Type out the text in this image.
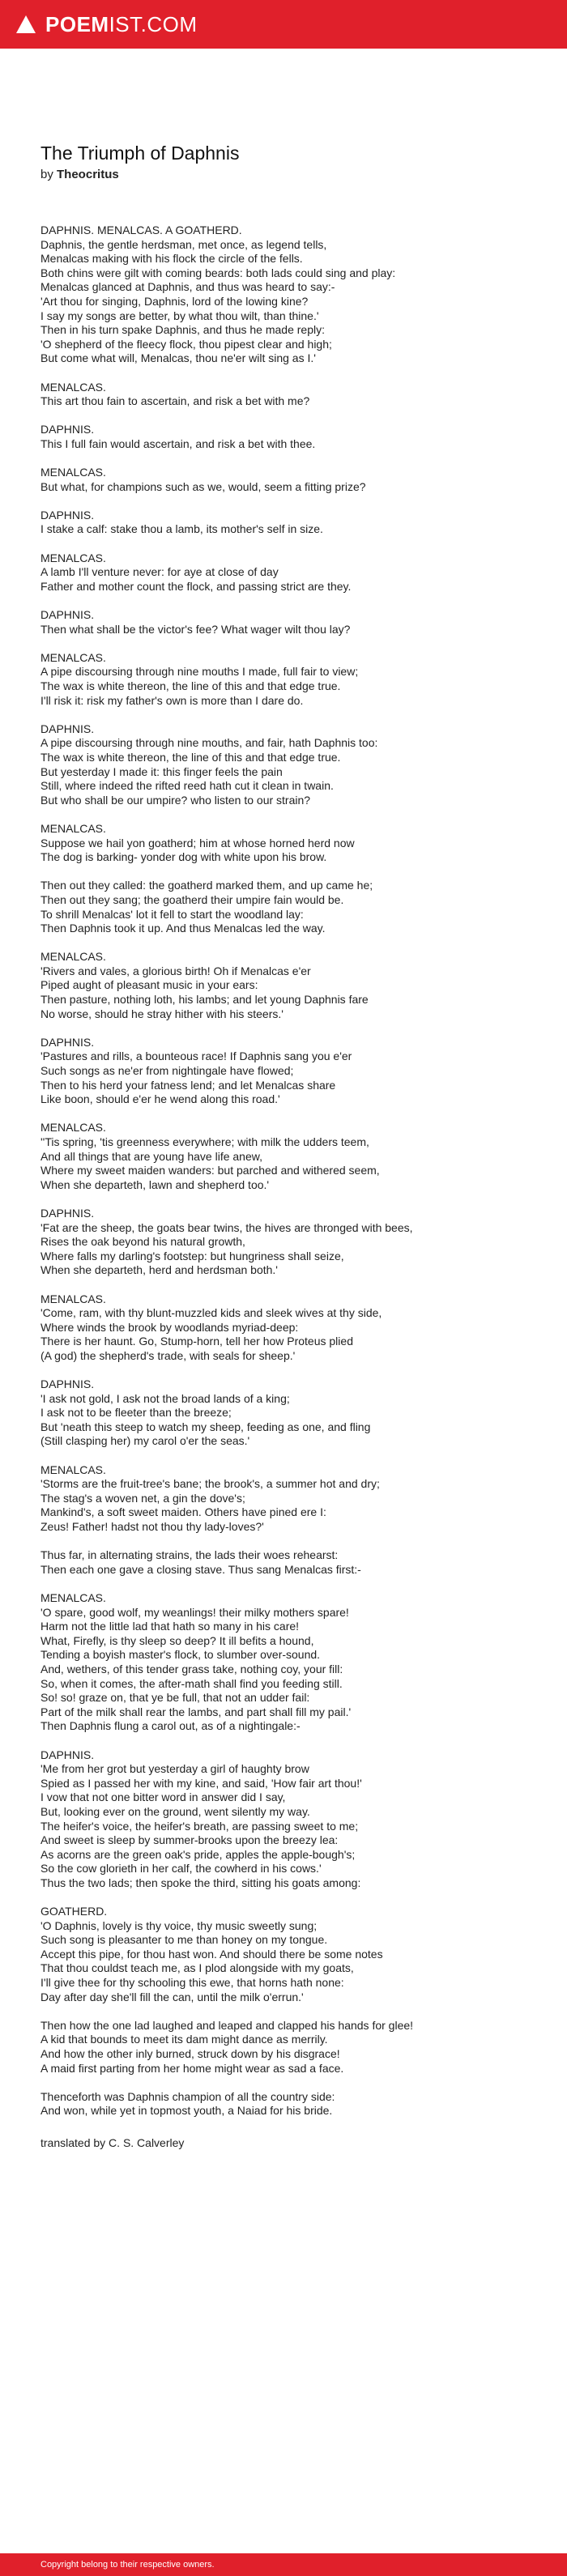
POEMIST.COM
The Triumph of Daphnis
by Theocritus
DAPHNIS. MENALCAS. A GOATHERD.
Daphnis, the gentle herdsman, met once, as legend tells,
Menalcas making with his flock the circle of the fells.
Both chins were gilt with coming beards: both lads could sing and play:
Menalcas glanced at Daphnis, and thus was heard to say:-
'Art thou for singing, Daphnis, lord of the lowing kine?
I say my songs are better, by what thou wilt, than thine.'
Then in his turn spake Daphnis, and thus he made reply:
'O shepherd of the fleecy flock, thou pipest clear and high;
But come what will, Menalcas, thou ne'er wilt sing as I.'
MENALCAS.
This art thou fain to ascertain, and risk a bet with me?
DAPHNIS.
This I full fain would ascertain, and risk a bet with thee.
MENALCAS.
But what, for champions such as we, would, seem a fitting prize?
DAPHNIS.
I stake a calf: stake thou a lamb, its mother's self in size.
MENALCAS.
A lamb I'll venture never: for aye at close of day
Father and mother count the flock, and passing strict are they.
DAPHNIS.
Then what shall be the victor's fee? What wager wilt thou lay?
MENALCAS.
A pipe discoursing through nine mouths I made, full fair to view;
The wax is white thereon, the line of this and that edge true.
I'll risk it: risk my father's own is more than I dare do.
DAPHNIS.
A pipe discoursing through nine mouths, and fair, hath Daphnis too:
The wax is white thereon, the line of this and that edge true.
But yesterday I made it: this finger feels the pain
Still, where indeed the rifted reed hath cut it clean in twain.
But who shall be our umpire? who listen to our strain?
MENALCAS.
Suppose we hail yon goatherd; him at whose horned herd now
The dog is barking- yonder dog with white upon his brow.
Then out they called: the goatherd marked them, and up came he;
Then out they sang; the goatherd their umpire fain would be.
To shrill Menalcas' lot it fell to start the woodland lay:
Then Daphnis took it up. And thus Menalcas led the way.
MENALCAS.
'Rivers and vales, a glorious birth! Oh if Menalcas e'er
Piped aught of pleasant music in your ears:
Then pasture, nothing loth, his lambs; and let young Daphnis fare
No worse, should he stray hither with his steers.'
DAPHNIS.
'Pastures and rills, a bounteous race! If Daphnis sang you e'er
Such songs as ne'er from nightingale have flowed;
Then to his herd your fatness lend; and let Menalcas share
Like boon, should e'er he wend along this road.'
MENALCAS.
''Tis spring, 'tis greenness everywhere; with milk the udders teem,
And all things that are young have life anew,
Where my sweet maiden wanders: but parched and withered seem,
When she departeth, lawn and shepherd too.'
DAPHNIS.
'Fat are the sheep, the goats bear twins, the hives are thronged with bees,
Rises the oak beyond his natural growth,
Where falls my darling's footstep: but hungriness shall seize,
When she departeth, herd and herdsman both.'
MENALCAS.
'Come, ram, with thy blunt-muzzled kids and sleek wives at thy side,
Where winds the brook by woodlands myriad-deep:
There is her haunt. Go, Stump-horn, tell her how Proteus plied
(A god) the shepherd's trade, with seals for sheep.'
DAPHNIS.
'I ask not gold, I ask not the broad lands of a king;
I ask not to be fleeter than the breeze;
But 'neath this steep to watch my sheep, feeding as one, and fling
(Still clasping her) my carol o'er the seas.'
MENALCAS.
'Storms are the fruit-tree's bane; the brook's, a summer hot and dry;
The stag's a woven net, a gin the dove's;
Mankind's, a soft sweet maiden. Others have pined ere I:
Zeus! Father! hadst not thou thy lady-loves?'
Thus far, in alternating strains, the lads their woes rehearst:
Then each one gave a closing stave. Thus sang Menalcas first:-
MENALCAS.
'O spare, good wolf, my weanlings! their milky mothers spare!
Harm not the little lad that hath so many in his care!
What, Firefly, is thy sleep so deep? It ill befits a hound,
Tending a boyish master's flock, to slumber over-sound.
And, wethers, of this tender grass take, nothing coy, your fill:
So, when it comes, the after-math shall find you feeding still.
So! so! graze on, that ye be full, that not an udder fail:
Part of the milk shall rear the lambs, and part shall fill my pail.'
Then Daphnis flung a carol out, as of a nightingale:-
DAPHNIS.
'Me from her grot but yesterday a girl of haughty brow
Spied as I passed her with my kine, and said, 'How fair art thou!'
I vow that not one bitter word in answer did I say,
But, looking ever on the ground, went silently my way.
The heifer's voice, the heifer's breath, are passing sweet to me;
And sweet is sleep by summer-brooks upon the breezy lea:
As acorns are the green oak's pride, apples the apple-bough's;
So the cow glorieth in her calf, the cowherd in his cows.'
Thus the two lads; then spoke the third, sitting his goats among:
GOATHERD.
'O Daphnis, lovely is thy voice, thy music sweetly sung;
Such song is pleasanter to me than honey on my tongue.
Accept this pipe, for thou hast won. And should there be some notes
That thou couldst teach me, as I plod alongside with my goats,
I'll give thee for thy schooling this ewe, that horns hath none:
Day after day she'll fill the can, until the milk o'errun.'
Then how the one lad laughed and leaped and clapped his hands for glee!
A kid that bounds to meet its dam might dance as merrily.
And how the other inly burned, struck down by his disgrace!
A maid first parting from her home might wear as sad a face.
Thenceforth was Daphnis champion of all the country side:
And won, while yet in topmost youth, a Naiad for his bride.
translated by C. S. Calverley
Copyright belong to their respective owners.
